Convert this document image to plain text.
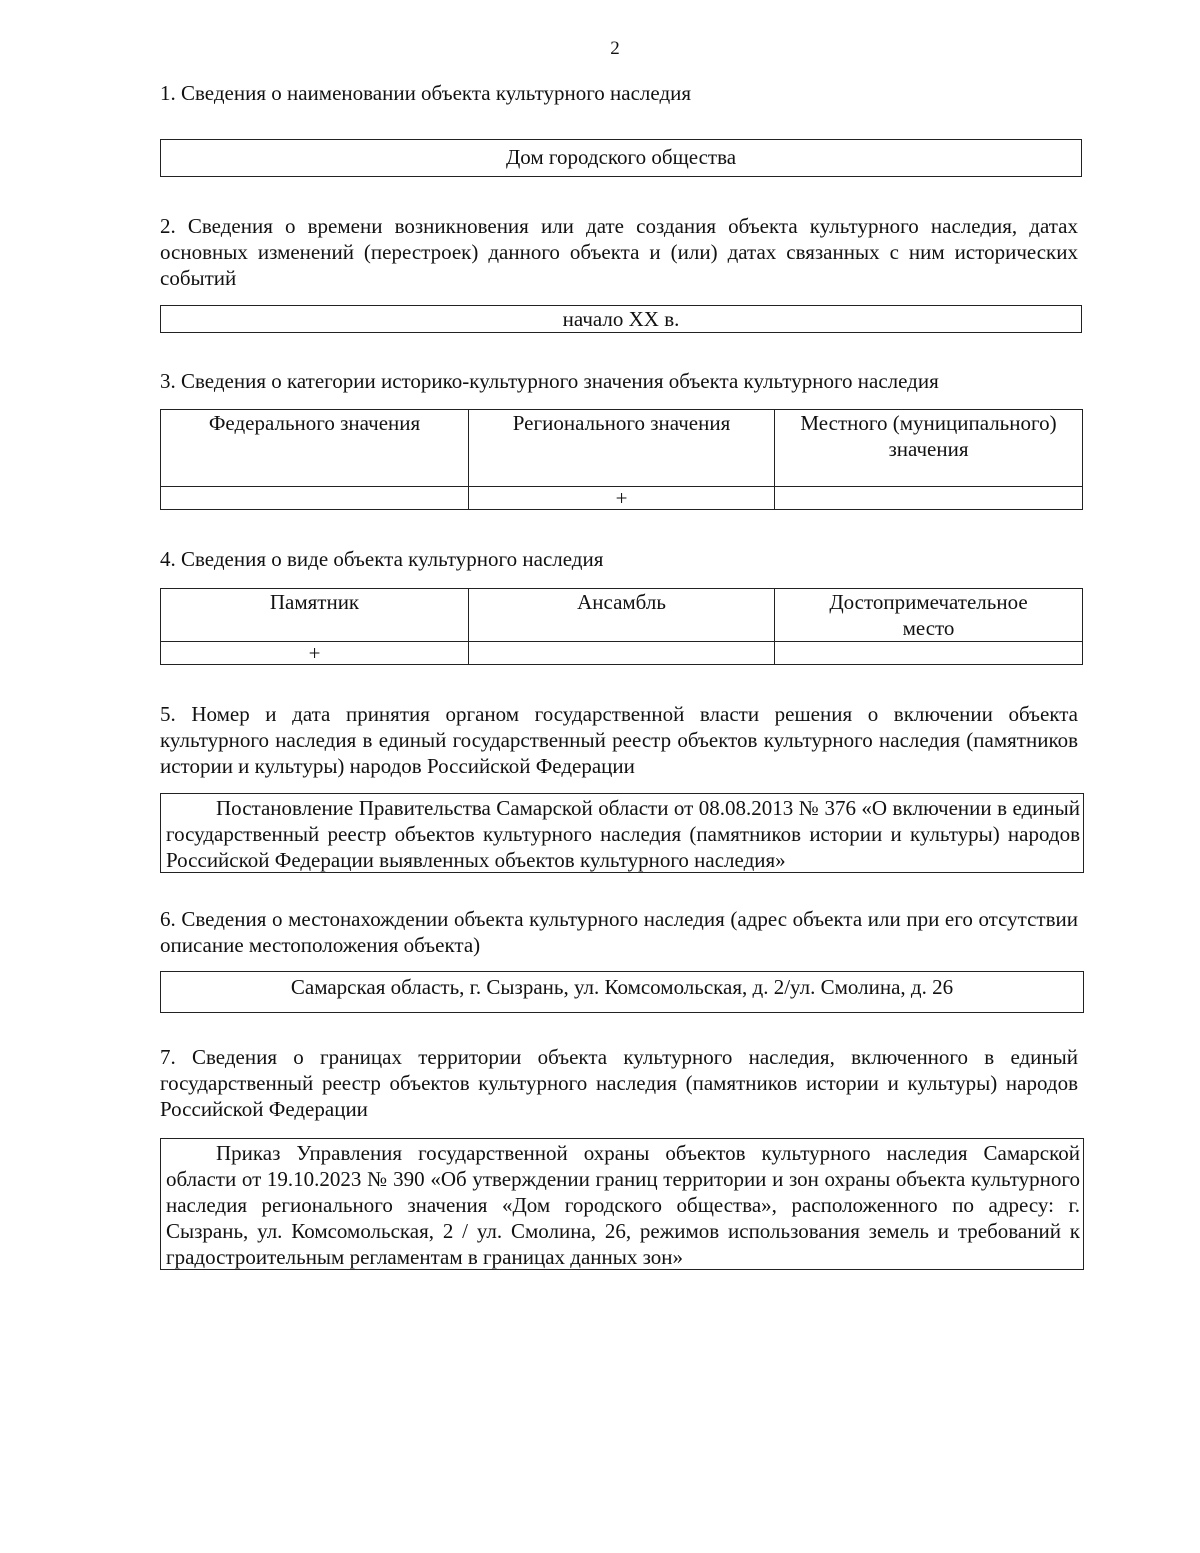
2
1. Сведения о наименовании объекта культурного наследия
Дом городского общества
2. Сведения о времени возникновения или дате создания объекта культурного наследия, датах основных изменений (перестроек) данного объекта и (или) датах связанных с ним исторических событий
начало XX в.
3. Сведения о категории историко-культурного значения объекта культурного наследия
Федерального значения	Регионального значения	Местного (муниципального) значения
	+	
4. Сведения о виде объекта культурного наследия
Памятник	Ансамбль	Достопримечательное место
+		
5. Номер и дата принятия органом государственной власти решения о включении объекта культурного наследия в единый государственный реестр объектов культурного наследия (памятников истории и культуры) народов Российской Федерации

Постановление Правительства Самарской области от 08.08.2013 № 376 «О включении в единый государственный реестр объектов культурного наследия (памятников истории и культуры) народов Российской Федерации выявленных объектов культурного наследия»

6. Сведения о местонахождении объекта культурного наследия (адрес объекта или при его отсутствии описание местоположения объекта)
Самарская область, г. Сызрань, ул. Комсомольская, д. 2/ул. Смолина, д. 26
7. Сведения о границах территории объекта культурного наследия, включенного в единый государственный реестр объектов культурного наследия (памятников истории и культуры) народов Российской Федерации

Приказ Управления государственной охраны объектов культурного наследия Самарской области от 19.10.2023 № 390 «Об утверждении границ территории и зон охраны объекта культурного наследия регионального значения «Дом городского общества», расположенного по адресу: г. Сызрань, ул. Комсомольская, 2 / ул. Смолина, 26, режимов использования земель и требований к градостроительным регламентам в границах данных зон»
